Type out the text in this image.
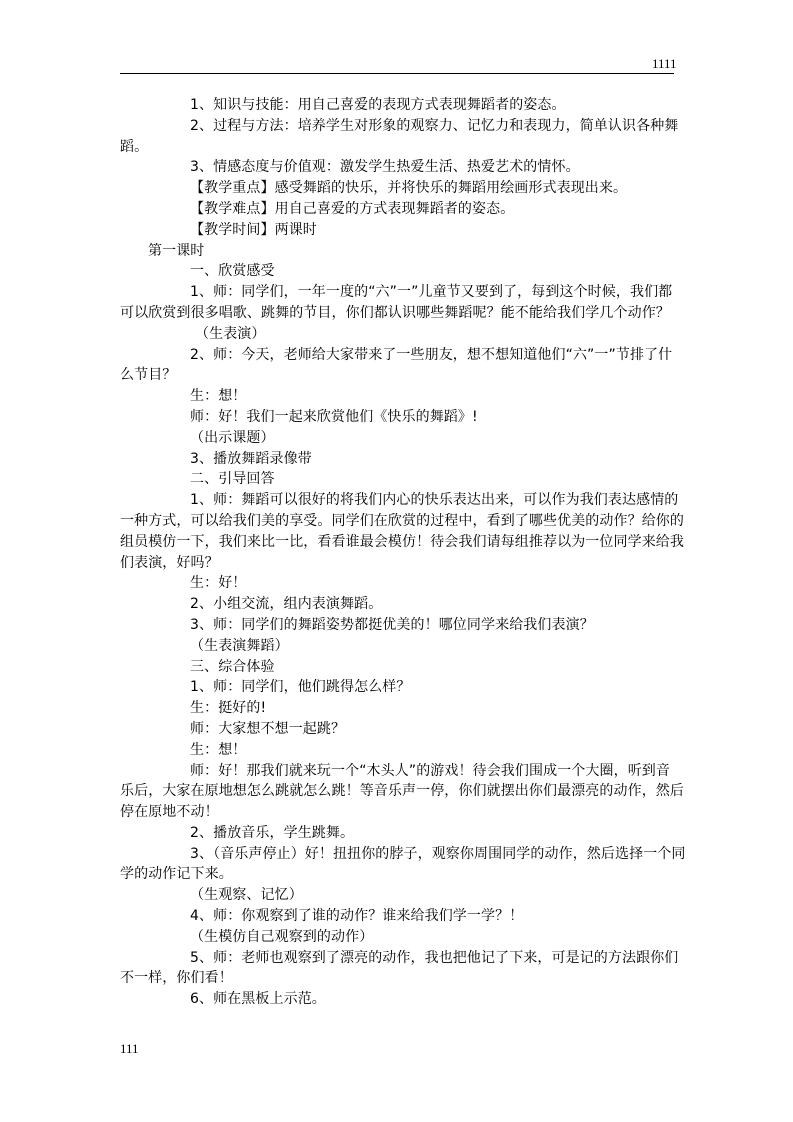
1111

1、知识与技能：用自己喜爱的表现方式表现舞蹈者的姿态。

2、过程与方法：培养学生对形象的观察力、记忆力和表现力，简单认识各种舞

蹈。

3、情感态度与价值观：激发学生热爱生活、热爱艺术的情怀。

【教学重点】感受舞蹈的快乐，并将快乐的舞蹈用绘画形式表现出来。

【教学难点】用自己喜爱的方式表现舞蹈者的姿态。

【教学时间】两课时

第一课时

一、欣赏感受

1、师：同学们，一年一度的“六”一”儿童节又要到了，每到这个时候，我们都

可以欣赏到很多唱歌、跳舞的节目，你们都认识哪些舞蹈呢？能不能给我们学几个动作？

（生表演）

2、师：今天，老师给大家带来了一些朋友，想不想知道他们“六”一”节排了什

么节目？

生：想！

师：好！我们一起来欣赏他们《快乐的舞蹈》!

（出示课题）

3、播放舞蹈录像带

二、引导回答

1、师：舞蹈可以很好的将我们内心的快乐表达出来，可以作为我们表达感情的

一种方式，可以给我们美的享受。同学们在欣赏的过程中，看到了哪些优美的动作？给你的

组员模仿一下，我们来比一比，看看谁最会模仿！待会我们请每组推荐以为一位同学来给我

们表演，好吗？

生：好！

2、小组交流，组内表演舞蹈。

3、师：同学们的舞蹈姿势都挺优美的！哪位同学来给我们表演？

（生表演舞蹈）

三、综合体验

1、师：同学们，他们跳得怎么样？

生：挺好的!

师：大家想不想一起跳？

生：想！

师：好！那我们就来玩一个“木头人”的游戏！待会我们围成一个大圈，听到音

乐后，大家在原地想怎么跳就怎么跳！等音乐声一停，你们就摆出你们最漂亮的动作，然后

停在原地不动！

2、播放音乐，学生跳舞。

3、（音乐声停止）好！扭扭你的脖子，观察你周围同学的动作，然后选择一个同

学的动作记下来。

（生观察、记忆）

4、师：你观察到了谁的动作？谁来给我们学一学？！

（生模仿自己观察到的动作）

5、师：老师也观察到了漂亮的动作，我也把他记了下来，可是记的方法跟你们

不一样，你们看！

6、师在黑板上示范。

111
